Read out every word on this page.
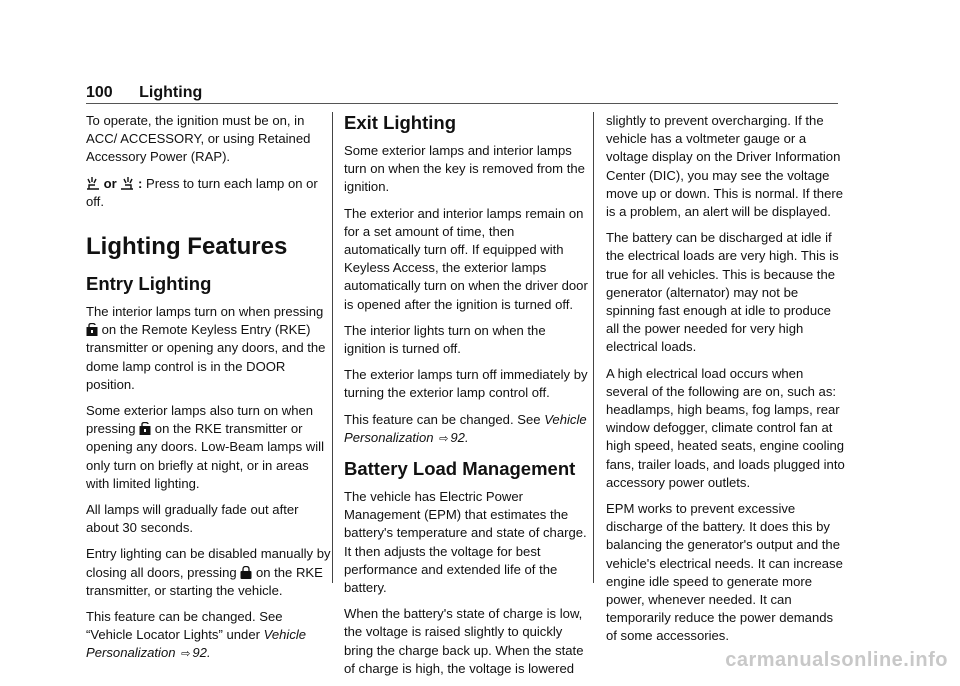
100 Lighting

To operate, the ignition must be on, in ACC/ ACCESSORY, or using Retained Accessory Power (RAP).

or : Press to turn each lamp on or off.

Lighting Features
Entry Lighting

The interior lamps turn on when pressing  on the Remote Keyless Entry (RKE) transmitter or opening any doors, and the dome lamp control is in the DOOR position.

Some exterior lamps also turn on when pressing on the RKE transmitter or opening any doors. Low-Beam lamps will only turn on briefly at night, or in areas with limited lighting.

All lamps will gradually fade out after about 30 seconds.

Entry lighting can be disabled manually by closing all doors, pressing on the RKE transmitter, or starting the vehicle.

This feature can be changed. See “Vehicle Locator Lights” under Vehicle Personalization ⇨ 92.

Exit Lighting

Some exterior lamps and interior lamps turn on when the key is removed from the ignition.

The exterior and interior lamps remain on for a set amount of time, then automatically turn off. If equipped with Keyless Access, the exterior lamps automatically turn on when the driver door is opened after the ignition is turned off.

The interior lights turn on when the ignition is turned off.

The exterior lamps turn off immediately by turning the exterior lamp control off.

This feature can be changed. See Vehicle Personalization ⇨ 92.

Battery Load Management

The vehicle has Electric Power Management (EPM) that estimates the battery's temperature and state of charge. It then adjusts the voltage for best performance and extended life of the battery.

When the battery's state of charge is low, the voltage is raised slightly to quickly bring the charge back up. When the state of charge is high, the voltage is lowered

slightly to prevent overcharging. If the vehicle has a voltmeter gauge or a voltage display on the Driver Information Center (DIC), you may see the voltage move up or down. This is normal. If there is a problem, an alert will be displayed.

The battery can be discharged at idle if the electrical loads are very high. This is true for all vehicles. This is because the generator (alternator) may not be spinning fast enough at idle to produce all the power needed for very high electrical loads.

A high electrical load occurs when several of the following are on, such as: headlamps, high beams, fog lamps, rear window defogger, climate control fan at high speed, heated seats, engine cooling fans, trailer loads, and loads plugged into accessory power outlets.

EPM works to prevent excessive discharge of the battery. It does this by balancing the generator's output and the vehicle's electrical needs. It can increase engine idle speed to generate more power, whenever needed. It can temporarily reduce the power demands of some accessories.

carmanualsonline.info
